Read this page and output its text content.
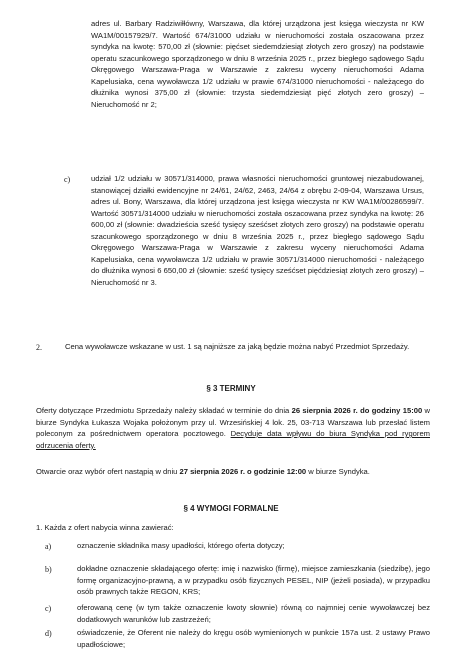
adres ul. Barbary Radziwiłłówny, Warszawa, dla której urządzona jest księga wieczysta nr KW WA1M/00157929/7. Wartość 674/31000 udziału w nieruchomości została oszacowana przez syndyka na kwotę: 570,00 zł (słownie: pięćset siedemdziesiąt złotych zero groszy) na podstawie operatu szacunkowego sporządzonego w dniu 8 września 2025 r., przez biegłego sądowego Sądu Okręgowego Warszawa-Praga w Warszawie z zakresu wyceny nieruchomości Adama Kapelusiaka, cena wywoławcza 1/2 udziału w prawie 674/31000 nieruchomości - należącego do dłużnika wynosi 375,00 zł (słownie: trzysta siedemdziesiąt pięć złotych zero groszy) – Nieruchomość nr 2;

c)	udział 1/2 udziału w 30571/314000, prawa własności nieruchomości gruntowej niezabudowanej, stanowiącej działki ewidencyjne nr 24/61, 24/62, 2463, 24/64 z obrębu 2-09-04, Warszawa Ursus, adres ul. Bony, Warszawa, dla której urządzona jest księga wieczysta nr KW WA1M/00286599/7. Wartość 30571/314000 udziału w nieruchomości została oszacowana przez syndyka na kwotę: 26 600,00 zł (słownie: dwadzieścia sześć tysięcy sześćset złotych zero groszy) na podstawie operatu szacunkowego sporządzonego w dniu 8 września 2025 r., przez biegłego sądowego Sądu Okręgowego Warszawa-Praga w Warszawie z zakresu wyceny nieruchomości Adama Kapelusiaka, cena wywoławcza 1/2 udziału w prawie 30571/314000 nieruchomości - należącego do dłużnika wynosi 6 650,00 zł (słownie: sześć tysięcy sześćset pięćdziesiąt złotych zero groszy) – Nieruchomość nr 3.

2.	Cena wywoławcze wskazane w ust. 1 są najniższe za jaką będzie można nabyć Przedmiot Sprzedaży.

§ 3 TERMINY

Oferty dotyczące Przedmiotu Sprzedaży należy składać w terminie do dnia 26 sierpnia 2026 r. do godziny 15:00 w biurze Syndyka Łukasza Wojaka położonym przy ul. Wrzesińskiej 4 lok. 25, 03-713 Warszawa lub przesłać listem poleconym za pośrednictwem operatora pocztowego. Decyduje data wpływu do biura Syndyka pod rygorem odrzucenia oferty.

Otwarcie oraz wybór ofert nastąpią w dniu 27 sierpnia 2026 r. o godzinie 12:00 w biurze Syndyka.

§ 4 WYMOGI FORMALNE

1. Każda z ofert nabycia winna zawierać:

a)	oznaczenie składnika masy upadłości, którego oferta dotyczy;

b)	dokładne oznaczenie składającego ofertę: imię i nazwisko (firmę), miejsce zamieszkania (siedzibę), jego formę organizacyjno-prawną, a w przypadku osób fizycznych PESEL, NIP (jeżeli posiada), w przypadku osób prawnych także REGON, KRS;

c)	oferowaną cenę (w tym także oznaczenie kwoty słownie) równą co najmniej cenie wywoławczej bez dodatkowych warunków lub zastrzeżeń;

d)	oświadczenie, że Oferent nie należy do kręgu osób wymienionych w punkcie 157a ust. 2 ustawy Prawo upadłościowe;
